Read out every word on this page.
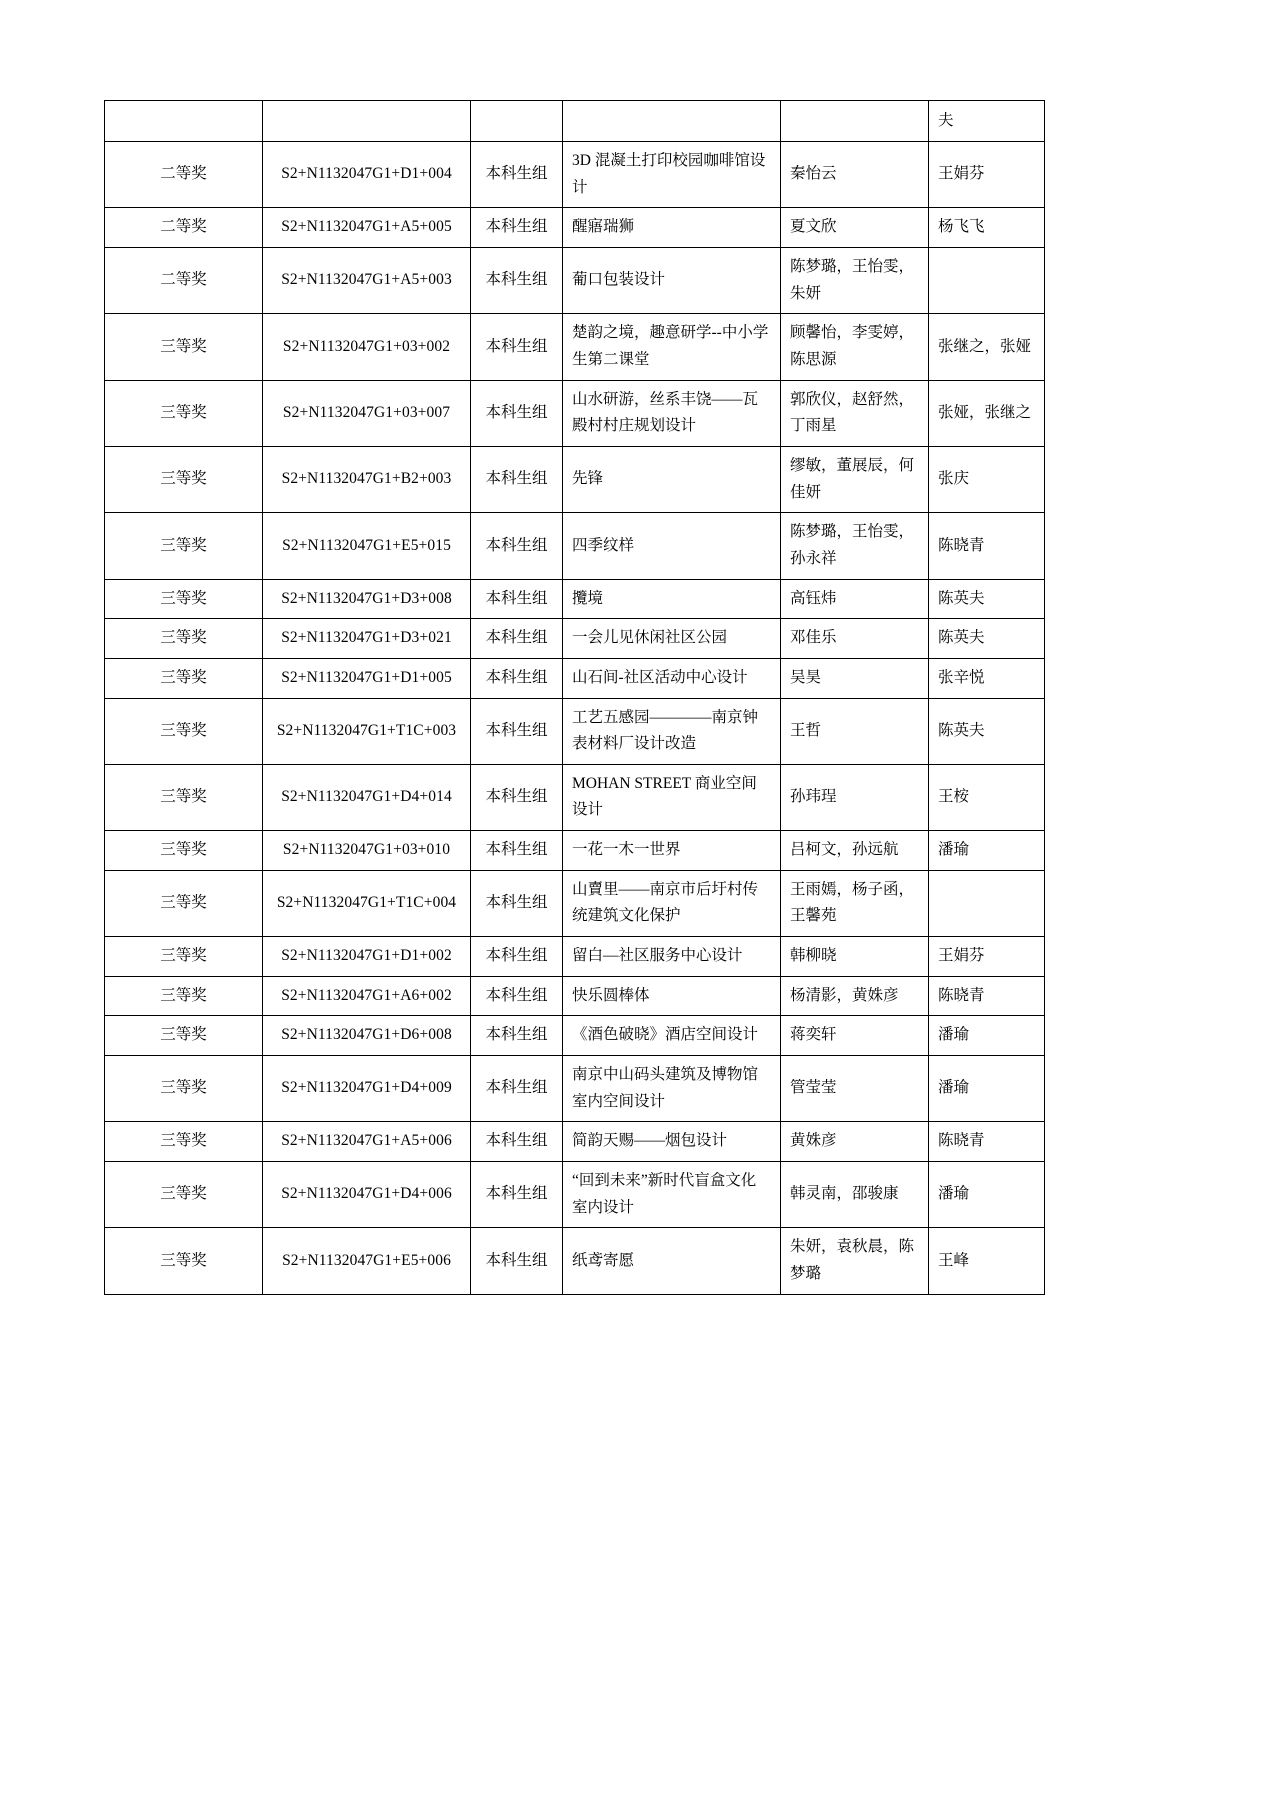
					夫
二等奖	S2+N1132047G1+D1+004	本科生组	3D 混凝土打印校园咖啡馆设计	秦怡云	王娟芬
二等奖	S2+N1132047G1+A5+005	本科生组	醒寤瑞狮	夏文欣	杨飞飞
二等奖	S2+N1132047G1+A5+003	本科生组	葡口包装设计	陈梦璐，王怡雯，朱妍	
三等奖	S2+N1132047G1+03+002	本科生组	楚韵之境，趣意研学--中小学生第二课堂	顾馨怡，李雯婷，陈思源	张继之，张娅
三等奖	S2+N1132047G1+03+007	本科生组	山水研游，丝系丰饶——瓦殿村村庄规划设计	郭欣仪，赵舒然，丁雨星	张娅，张继之
三等奖	S2+N1132047G1+B2+003	本科生组	先锋	缪敏，董展辰，何佳妍	张庆
三等奖	S2+N1132047G1+E5+015	本科生组	四季纹样	陈梦璐，王怡雯，孙永祥	陈晓青
三等奖	S2+N1132047G1+D3+008	本科生组	攬境	高钰炜	陈英夫
三等奖	S2+N1132047G1+D3+021	本科生组	一会儿见休闲社区公园	邓佳乐	陈英夫
三等奖	S2+N1132047G1+D1+005	本科生组	山石间-社区活动中心设计	吴昊	张辛悦
三等奖	S2+N1132047G1+T1C+003	本科生组	工艺五感园————南京钟表材料厂设计改造	王哲	陈英夫
三等奖	S2+N1132047G1+D4+014	本科生组	MOHAN STREET 商业空间设计	孙玮珵	王桉
三等奖	S2+N1132047G1+03+010	本科生组	一花一木一世界	吕柯文，孙远航	潘瑜
三等奖	S2+N1132047G1+T1C+004	本科生组	山賣里——南京市后圩村传统建筑文化保护	王雨嫣，杨子函，王馨苑	
三等奖	S2+N1132047G1+D1+002	本科生组	留白—社区服务中心设计	韩柳晓	王娟芬
三等奖	S2+N1132047G1+A6+002	本科生组	快乐圆棒体	杨清影，黄姝彦	陈晓青
三等奖	S2+N1132047G1+D6+008	本科生组	《酒色破晓》酒店空间设计	蒋奕轩	潘瑜
三等奖	S2+N1132047G1+D4+009	本科生组	南京中山码头建筑及博物馆室内空间设计	管莹莹	潘瑜
三等奖	S2+N1132047G1+A5+006	本科生组	简韵天赐——烟包设计	黄姝彦	陈晓青
三等奖	S2+N1132047G1+D4+006	本科生组	“回到未来”新时代盲盒文化室内设计	韩灵南，邵骏康	潘瑜
三等奖	S2+N1132047G1+E5+006	本科生组	纸鸢寄愿	朱妍，袁秋晨，陈梦璐	王峰
